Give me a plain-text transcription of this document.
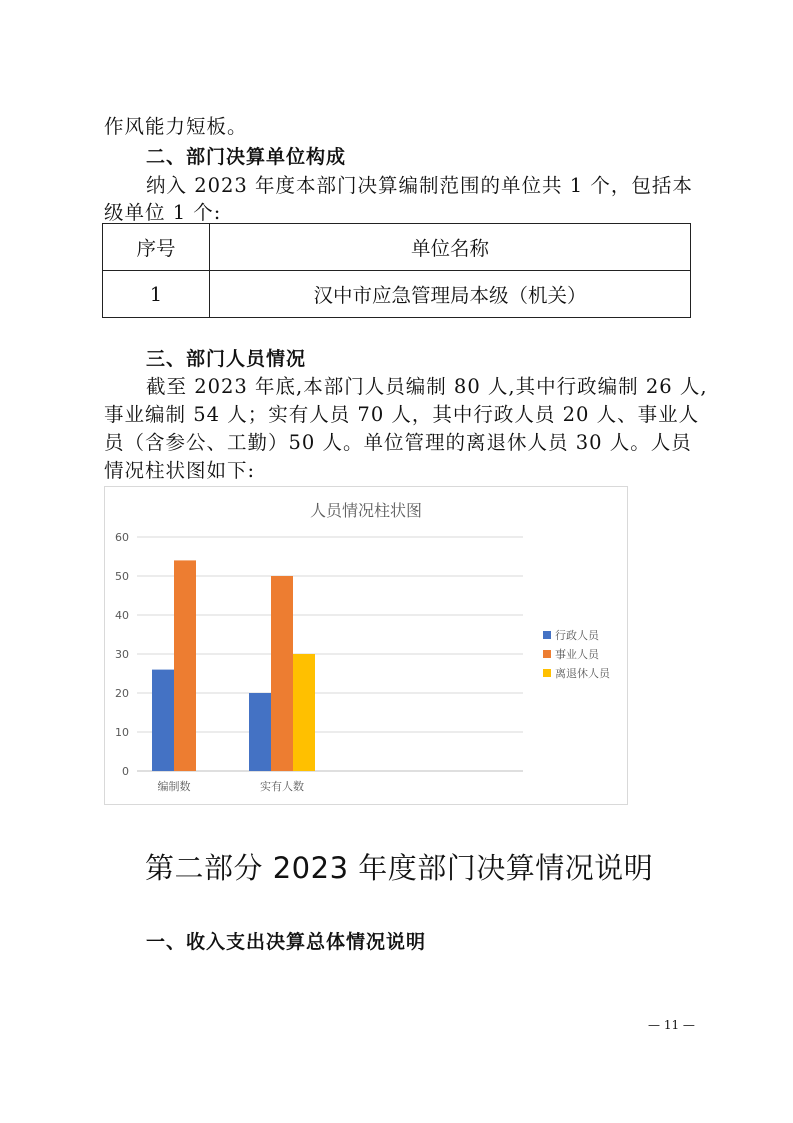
作风能力短板。
二、部门决算单位构成
纳入 2023 年度本部门决算编制范围的单位共 1 个，包括本
级单位 1 个:
序号	单位名称
1	汉中市应急管理局本级（机关）
三、部门人员情况
截至 2023 年底,本部门人员编制 80 人,其中行政编制 26 人,
事业编制 54 人；实有人员 70 人，其中行政人员 20 人、事业人
员（含参公、工勤）50 人。单位管理的离退休人员 30 人。人员
情况柱状图如下:
人员情况柱状图
0
10
20
30
40
50
60
编制数	实有人数
行政人员
事业人员
离退休人员
第二部分 2023 年度部门决算情况说明
一、收入支出决算总体情况说明
— 11 —
